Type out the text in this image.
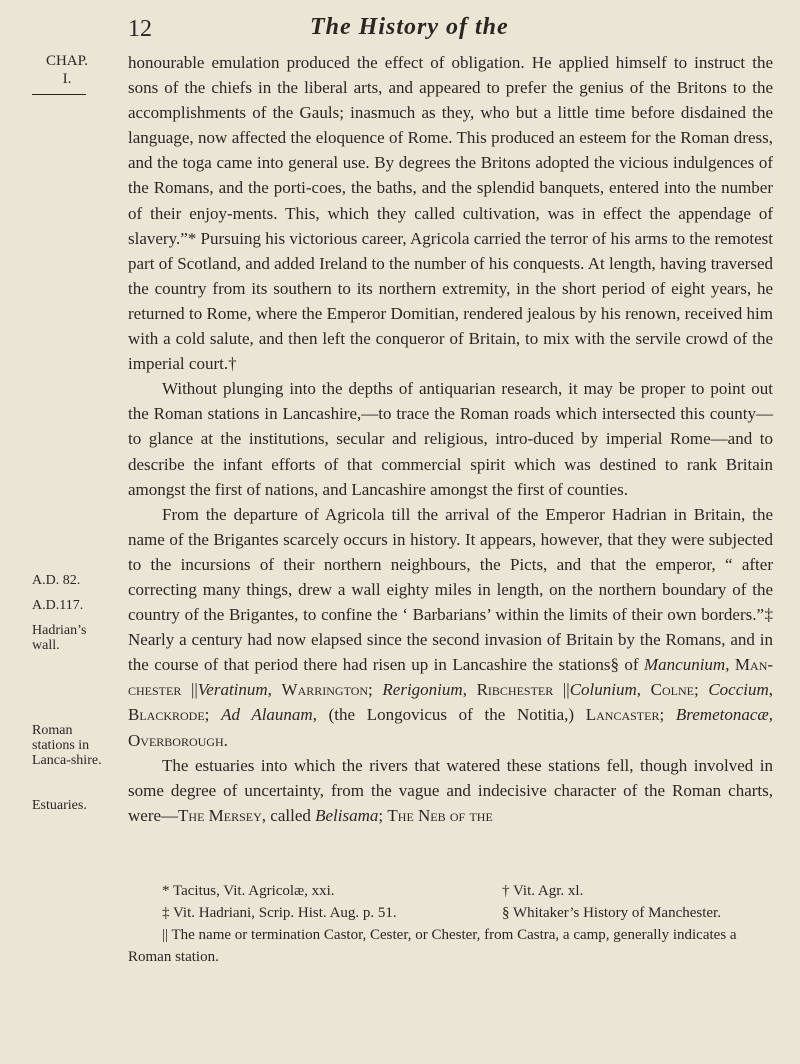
12	The History of the
CHAP.
I.
A.D. 82.
A.D.117.
Hadrian’s wall.
Roman stations in Lanca-shire.
Estuaries.

honourable emulation produced the effect of obligation. He applied himself to instruct the sons of the chiefs in the liberal arts, and appeared to prefer the genius of the Britons to the accomplishments of the Gauls; inasmuch as they, who but a little time before disdained the language, now affected the eloquence of Rome. This produced an esteem for the Roman dress, and the toga came into general use. By degrees the Britons adopted the vicious indulgences of the Romans, and the porti-coes, the baths, and the splendid banquets, entered into the number of their enjoy-ments. This, which they called cultivation, was in effect the appendage of slavery.”* Pursuing his victorious career, Agricola carried the terror of his arms to the remotest part of Scotland, and added Ireland to the number of his conquests. At length, having traversed the country from its southern to its northern extremity, in the short period of eight years, he returned to Rome, where the Emperor Domitian, rendered jealous by his renown, received him with a cold salute, and then left the conqueror of Britain, to mix with the servile crowd of the imperial court.†

Without plunging into the depths of antiquarian research, it may be proper to point out the Roman stations in Lancashire,—to trace the Roman roads which intersected this county—to glance at the institutions, secular and religious, intro-duced by imperial Rome—and to describe the infant efforts of that commercial spirit which was destined to rank Britain amongst the first of nations, and Lancashire amongst the first of counties.

From the departure of Agricola till the arrival of the Emperor Hadrian in Britain, the name of the Brigantes scarcely occurs in history. It appears, however, that they were subjected to the incursions of their northern neighbours, the Picts, and that the emperor, “ after correcting many things, drew a wall eighty miles in length, on the northern boundary of the country of the Brigantes, to confine the ‘ Barbarians’ within the limits of their own borders.”‡ Nearly a century had now elapsed since the second invasion of Britain by the Romans, and in the course of that period there had risen up in Lancashire the stations§ of Mancunium, Man-chester ||Veratinum, Warrington; Rerigonium, Ribchester ||Colunium, Colne; Coccium, Blackrode; Ad Alaunam, (the Longovicus of the Notitia,) Lancaster; Bremetonacæ, Overborough.

The estuaries into which the rivers that watered these stations fell, though involved in some degree of uncertainty, from the vague and indecisive character of the Roman charts, were—The Mersey, called Belisama; The Neb of the

* Tacitus, Vit. Agricolæ, xxi.	† Vit. Agr. xl.
‡ Vit. Hadriani, Scrip. Hist. Aug. p. 51.	§ Whitaker’s History of Manchester.
|| The name or termination Castor, Cester, or Chester, from Castra, a camp, generally indicates a Roman station.
